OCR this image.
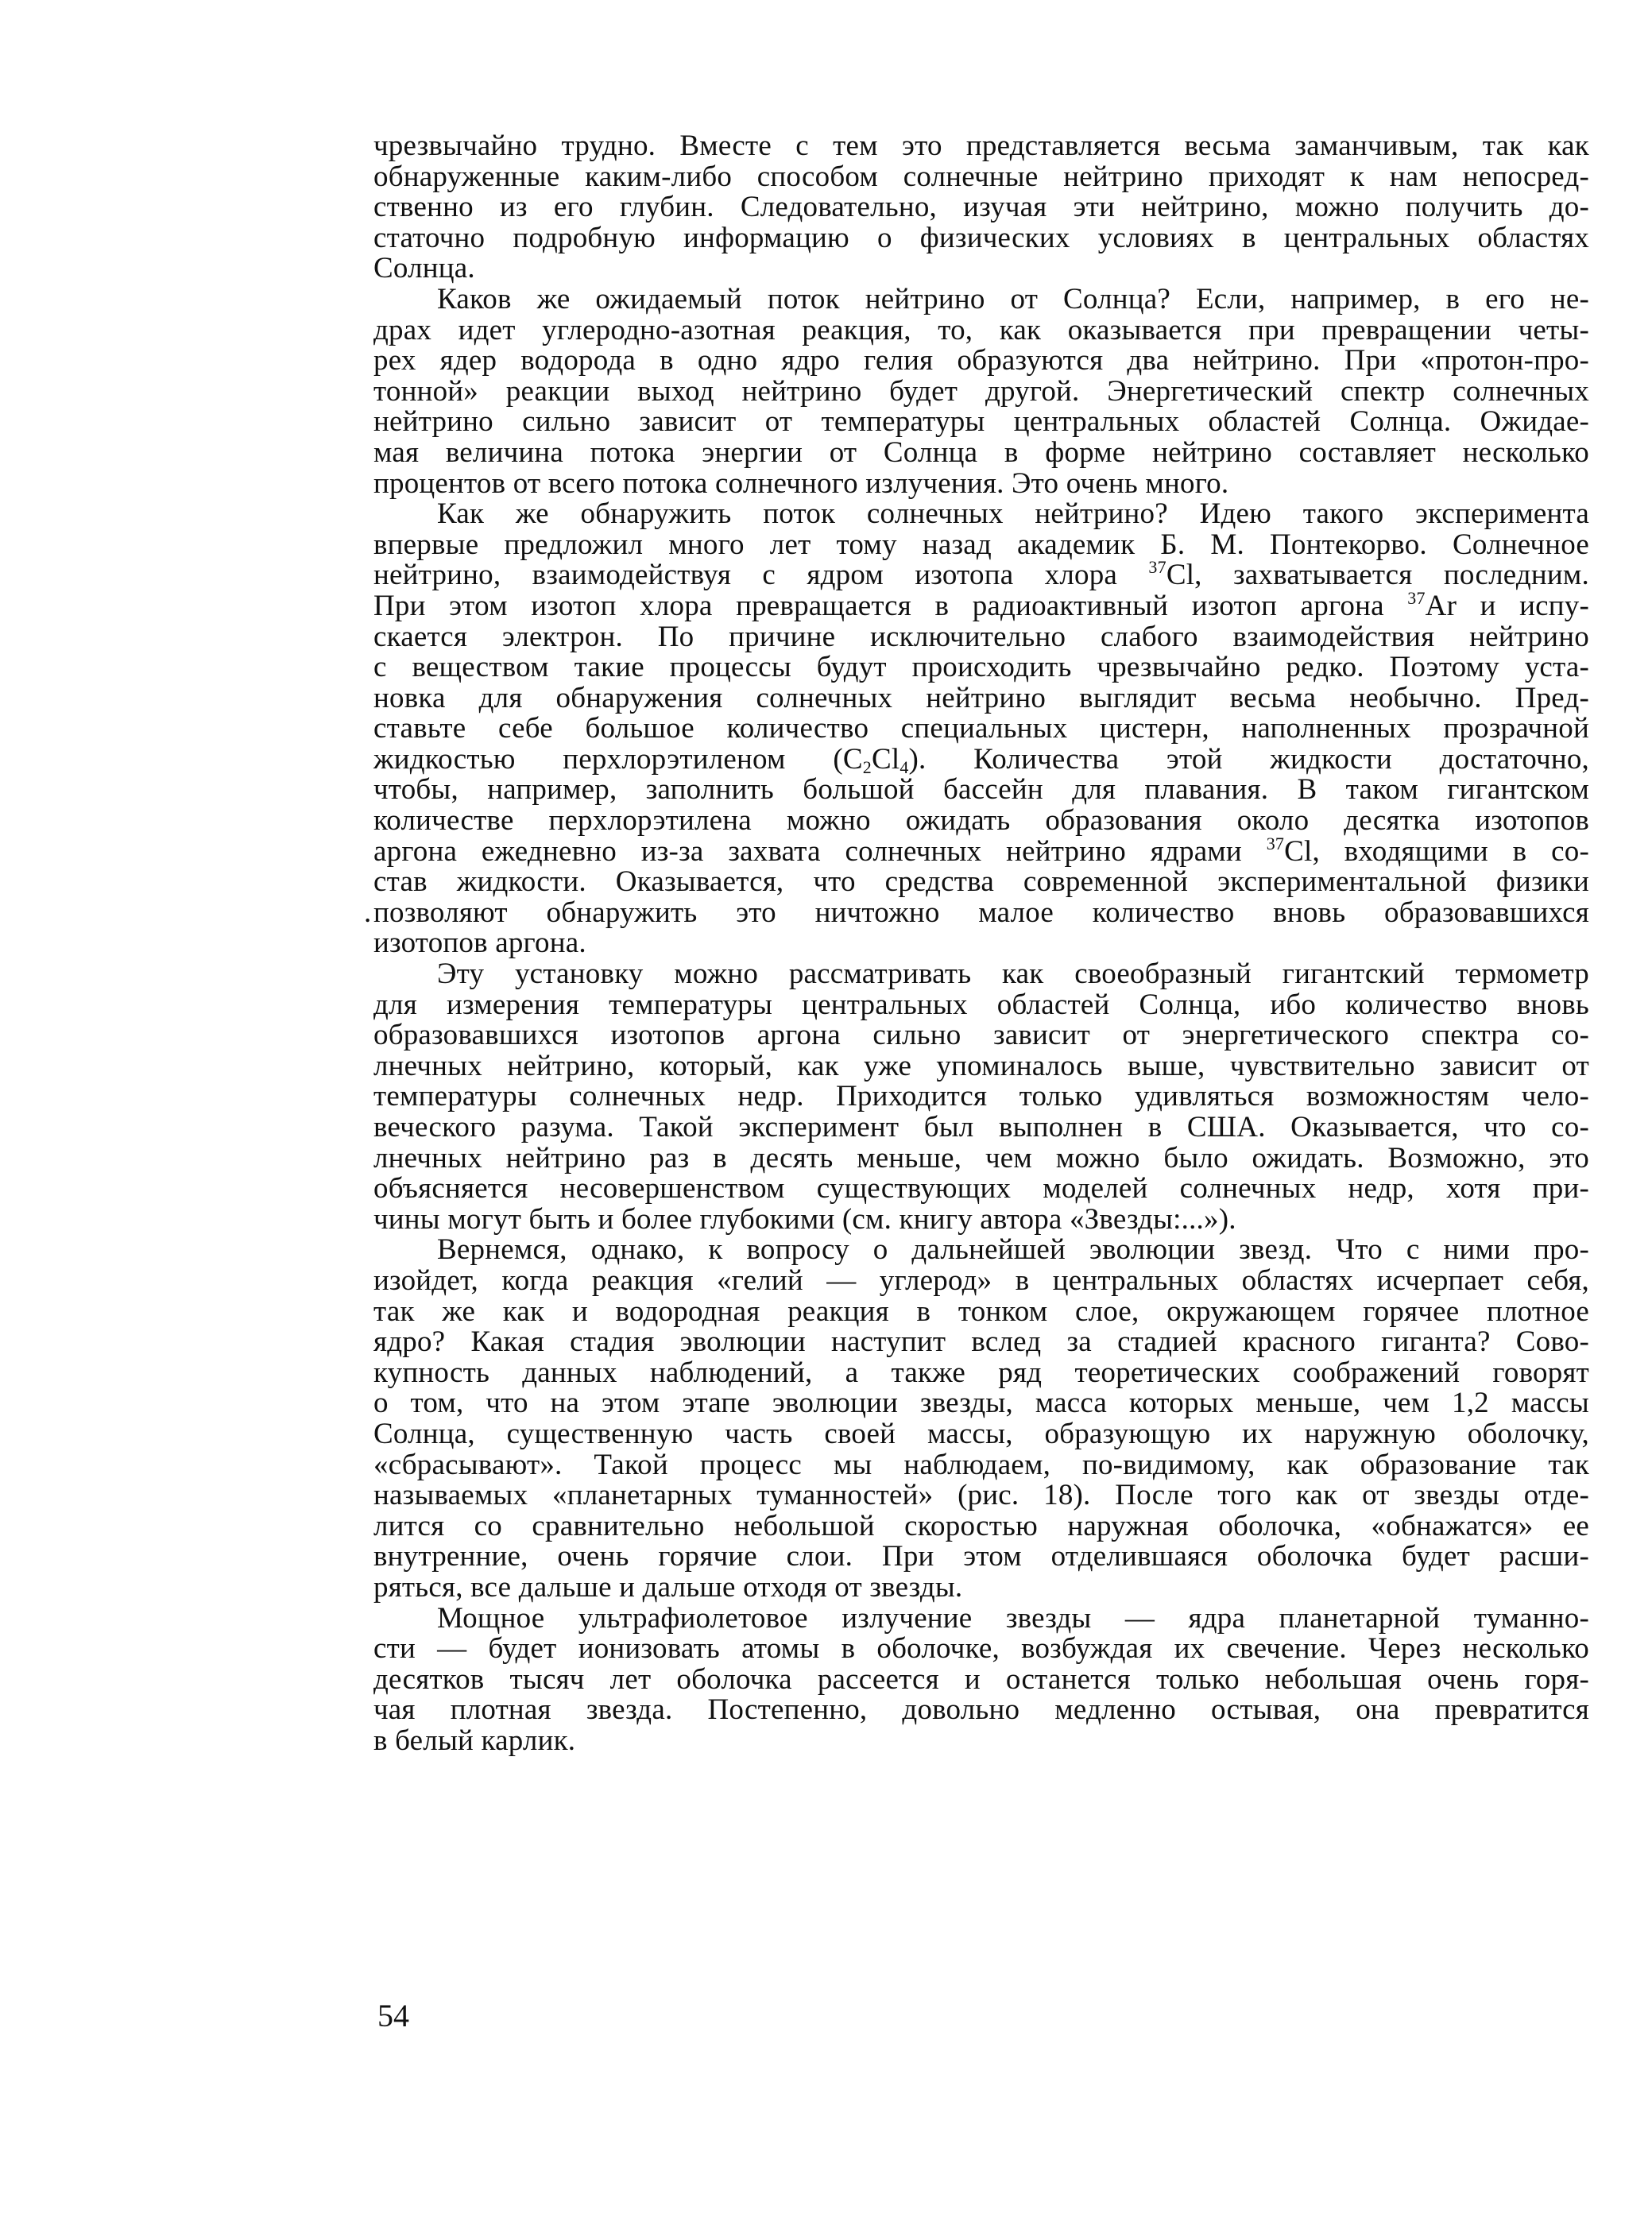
чрезвычайно трудно. Вместе с тем это представляется весьма заманчивым, так как
обнаруженные каким-либо способом солнечные нейтрино приходят к нам непосред-
ственно из его глубин. Следовательно, изучая эти нейтрино, можно получить до-
статочно подробную информацию о физических условиях в центральных областях
Солнца.
Каков же ожидаемый поток нейтрино от Солнца? Если, например, в его не-
драх идет углеродно-азотная реакция, то, как оказывается при превращении четы-
рех ядер водорода в одно ядро гелия образуются два нейтрино. При «протон-про-
тонной» реакции выход нейтрино будет другой. Энергетический спектр солнечных
нейтрино сильно зависит от температуры центральных областей Солнца. Ожидае-
мая величина потока энергии от Солнца в форме нейтрино составляет несколько
процентов от всего потока солнечного излучения. Это очень много.
Как же обнаружить поток солнечных нейтрино? Идею такого эксперимента
впервые предложил много лет тому назад академик Б. М. Понтекорво. Солнечное
нейтрино, взаимодействуя с ядром изотопа хлора $^{37}$Cl, захватывается последним.
При этом изотоп хлора превращается в радиоактивный изотоп аргона $^{37}$Ar и испу-
скается электрон. По причине исключительно слабого взаимодействия нейтрино
с веществом такие процессы будут происходить чрезвычайно редко. Поэтому уста-
новка для обнаружения солнечных нейтрино выглядит весьма необычно. Пред-
ставьте себе большое количество специальных цистерн, наполненных прозрачной
жидкостью перхлорэтиленом $(C_2Cl_4)$. Количества этой жидкости достаточно,
чтобы, например, заполнить большой бассейн для плавания. В таком гигантском
количестве перхлорэтилена можно ожидать образования около десятка изотопов
аргона ежедневно из-за захвата солнечных нейтрино ядрами $^{37}$Cl, входящими в со-
став жидкости. Оказывается, что средства современной экспериментальной физики
. позволяют обнаружить это ничтожно малое количество вновь образовавшихся
изотопов аргона.
Эту установку можно рассматривать как своеобразный гигантский термометр
для измерения температуры центральных областей Солнца, ибо количество вновь
образовавшихся изотопов аргона сильно зависит от энергетического спектра со-
лнечных нейтрино, который, как уже упоминалось выше, чувствительно зависит от
температуры солнечных недр. Приходится только удивляться возможностям чело-
веческого разума. Такой эксперимент был выполнен в США. Оказывается, что со-
лнечных нейтрино раз в десять меньше, чем можно было ожидать. Возможно, это
объясняется несовершенством существующих моделей солнечных недр, хотя при-
чины могут быть и более глубокими (см. книгу автора «Звезды:...»).
Вернемся, однако, к вопросу о дальнейшей эволюции звезд. Что с ними про-
изойдет, когда реакция «гелий — углерод» в центральных областях исчерпает себя,
так же как и водородная реакция в тонком слое, окружающем горячее плотное
ядро? Какая стадия эволюции наступит вслед за стадией красного гиганта? Сово-
купность данных наблюдений, а также ряд теоретических соображений говорят
о том, что на этом этапе эволюции звезды, масса которых меньше, чем 1,2 массы
Солнца, существенную часть своей массы, образующую их наружную оболочку,
«сбрасывают». Такой процесс мы наблюдаем, по-видимому, как образование так
называемых «планетарных туманностей» (рис. 18). После того как от звезды отде-
лится со сравнительно небольшой скоростью наружная оболочка, «обнажатся» ее
внутренние, очень горячие слои. При этом отделившаяся оболочка будет расши-
ряться, все дальше и дальше отходя от звезды.
Мощное ультрафиолетовое излучение звезды — ядра планетарной туманно-
сти — будет ионизовать атомы в оболочке, возбуждая их свечение. Через несколько
десятков тысяч лет оболочка рассеется и останется только небольшая очень горя-
чая плотная звезда. Постепенно, довольно медленно остывая, она превратится
в белый карлик.
54
